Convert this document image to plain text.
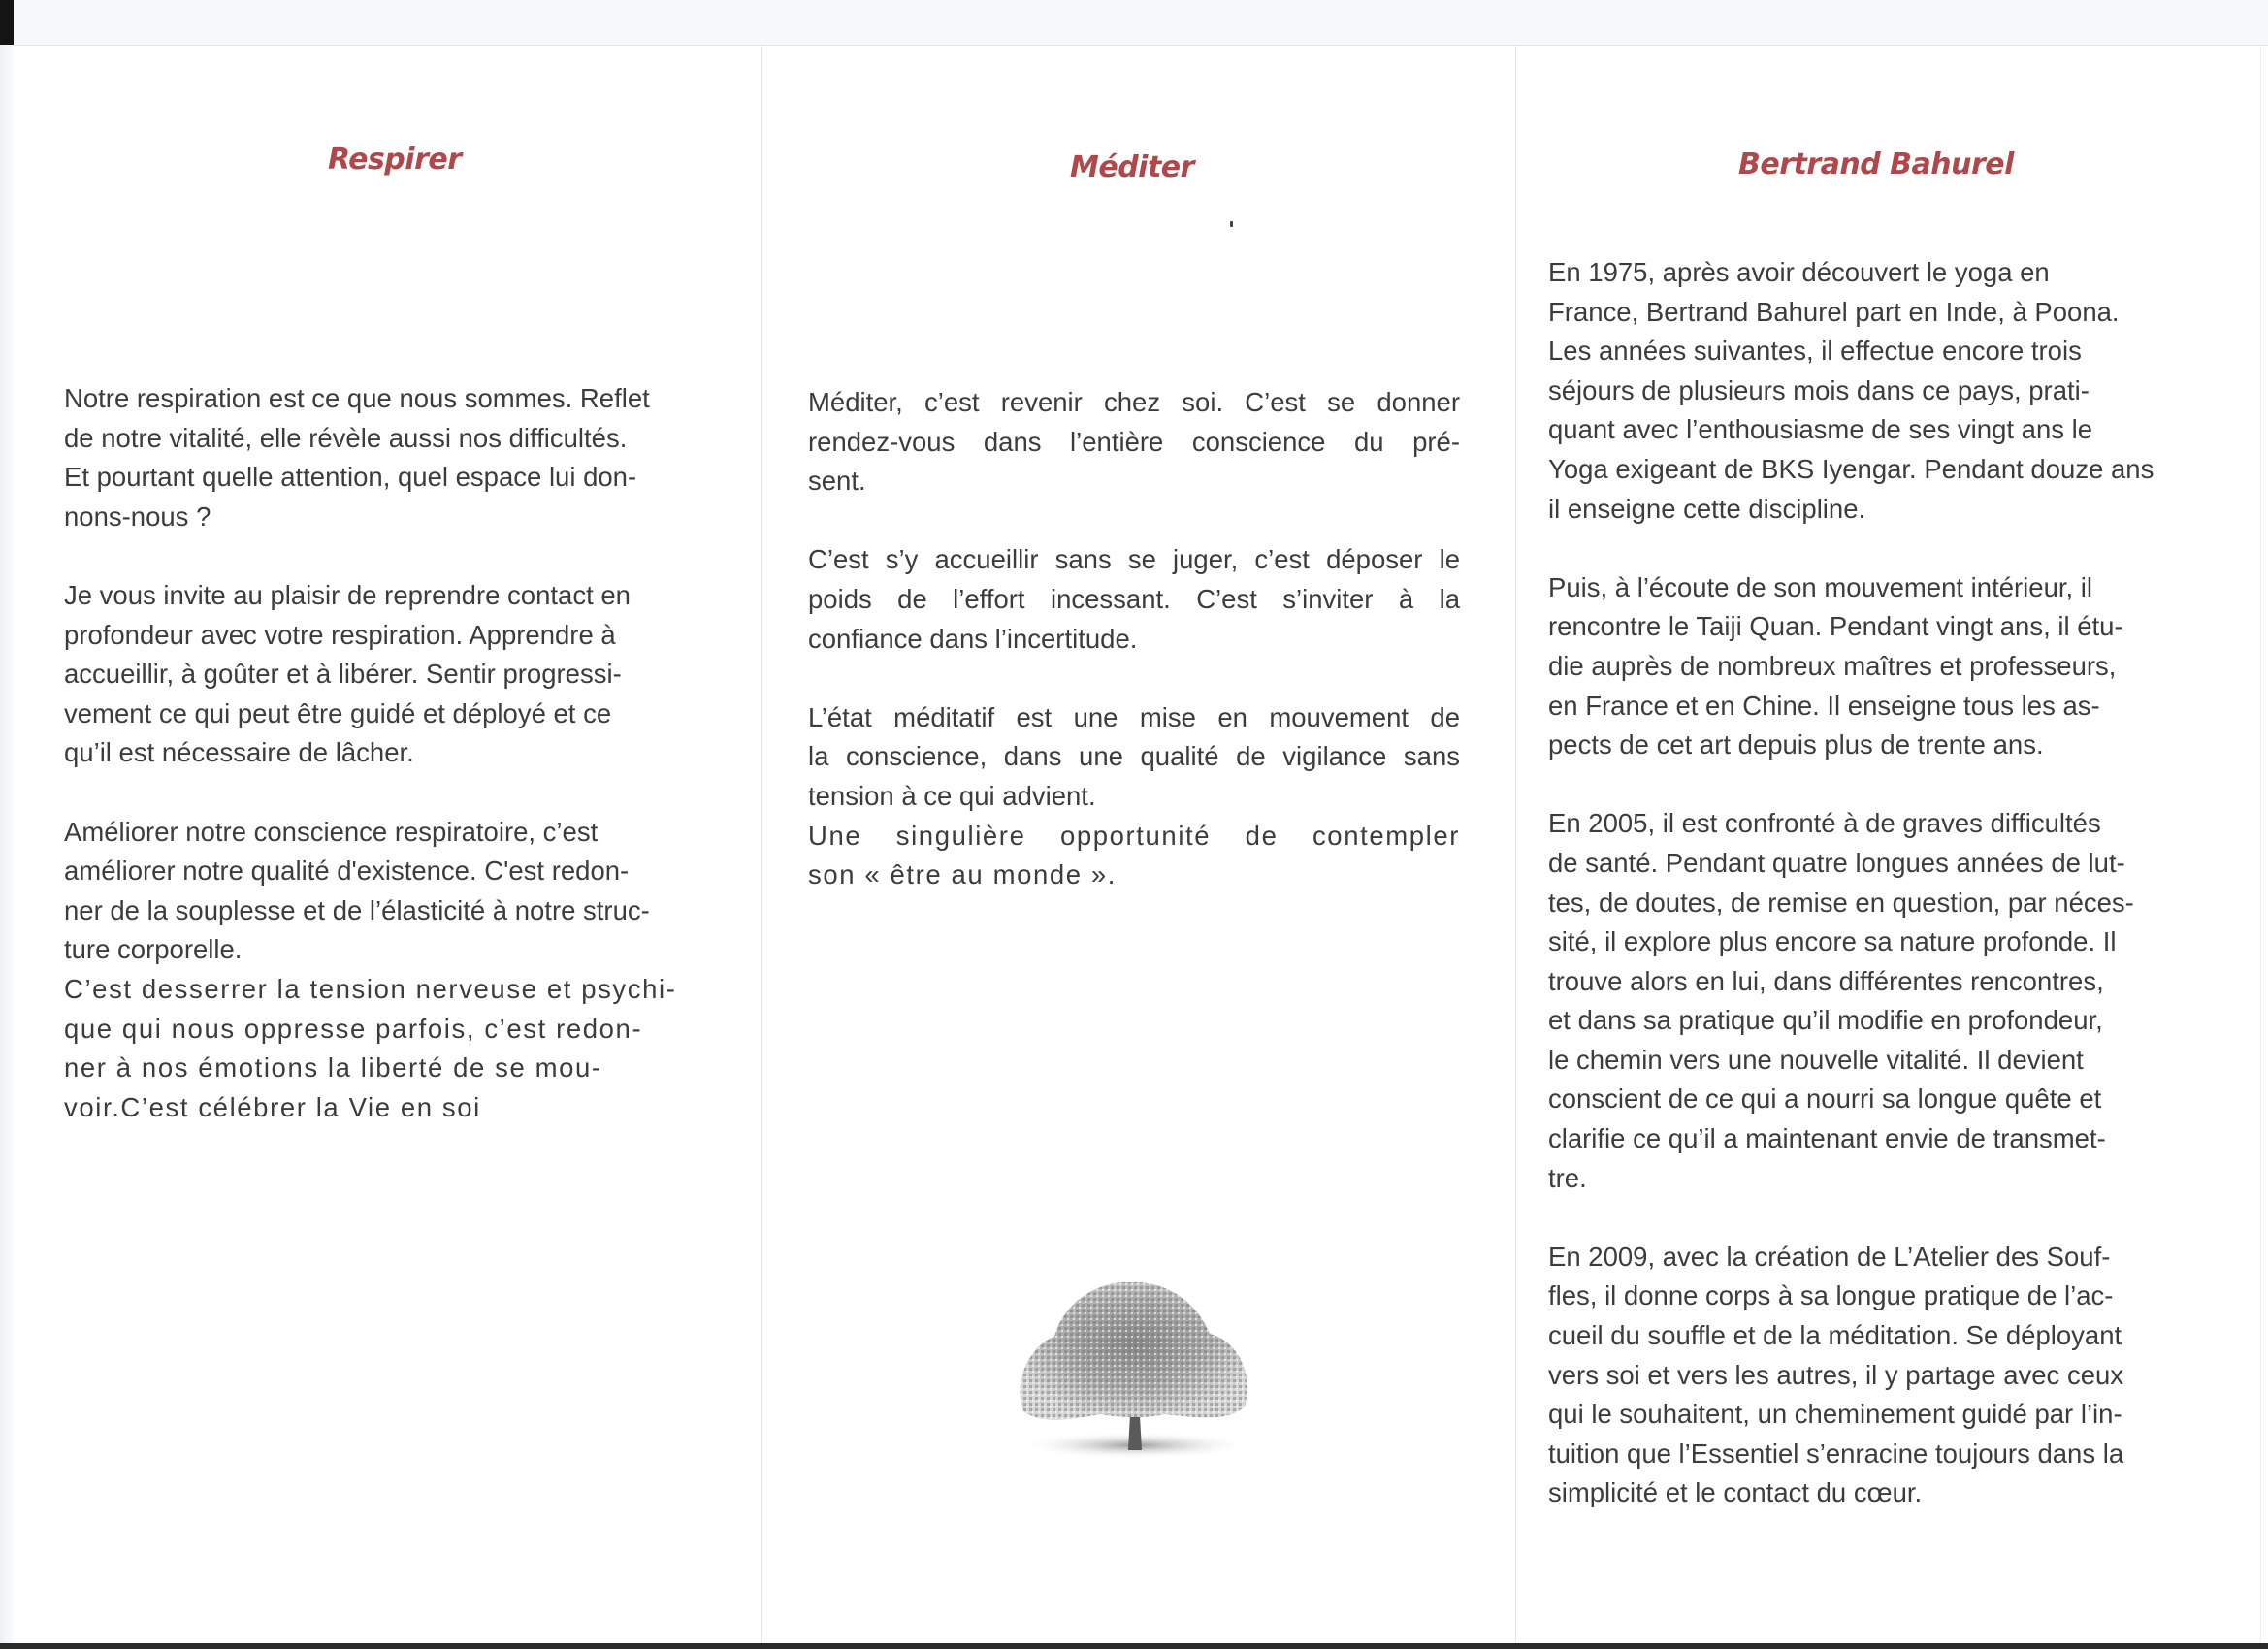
Respirer

Notre respiration est ce que nous sommes. Reflet
de notre vitalité, elle révèle aussi nos difficultés.
Et pourtant quelle attention, quel espace lui don-
nons-nous ?

Je vous invite au plaisir de reprendre contact en
profondeur avec votre respiration. Apprendre à
accueillir, à goûter et à libérer. Sentir progressi-
vement ce qui peut être guidé et déployé et ce
qu’il est nécessaire de lâcher.

Améliorer notre conscience respiratoire, c’est
améliorer notre qualité d'existence. C'est redon-
ner de la souplesse et de l’élasticité à notre struc-
ture corporelle.

C’est desserrer la tension nerveuse et psychi-
que qui nous oppresse parfois, c’est redon-
ner à nos émotions la liberté de se mou-
voir.C’est célébrer la Vie en soi

Méditer

Méditer, c’est revenir chez soi. C’est se donner
rendez-vous dans l’entière conscience du pré-
sent.

C’est s’y accueillir sans se juger, c’est déposer le
poids de l’effort incessant. C’est s’inviter à la
confiance dans l’incertitude.

L’état méditatif est une mise en mouvement de
la conscience, dans une qualité de vigilance sans
tension à ce qui advient.

Une singulière opportunité de contempler
son « être au monde ».

Bertrand Bahurel

En 1975, après avoir découvert le yoga en
France, Bertrand Bahurel part en Inde, à Poona.
Les années suivantes, il effectue encore trois
séjours de plusieurs mois dans ce pays, prati-
quant avec l’enthousiasme de ses vingt ans le
Yoga exigeant de BKS Iyengar. Pendant douze ans
il enseigne cette discipline.

Puis, à l’écoute de son mouvement intérieur, il
rencontre le Taiji Quan. Pendant vingt ans, il étu-
die auprès de nombreux maîtres et professeurs,
en France et en Chine. Il enseigne tous les as-
pects de cet art depuis plus de trente ans.

En 2005, il est confronté à de graves difficultés
de santé. Pendant quatre longues années de lut-
tes, de doutes, de remise en question, par néces-
sité, il explore plus encore sa nature profonde. Il
trouve alors en lui, dans différentes rencontres,
et dans sa pratique qu’il modifie en profondeur,
le chemin vers une nouvelle vitalité. Il devient
conscient de ce qui a nourri sa longue quête et
clarifie ce qu’il a maintenant envie de transmet-
tre.

En 2009, avec la création de L’Atelier des Souf-
fles, il donne corps à sa longue pratique de l’ac-
cueil du souffle et de la méditation. Se déployant
vers soi et vers les autres, il y partage avec ceux
qui le souhaitent, un cheminement guidé par l’in-
tuition que l’Essentiel s’enracine toujours dans la
simplicité et le contact du cœur.
